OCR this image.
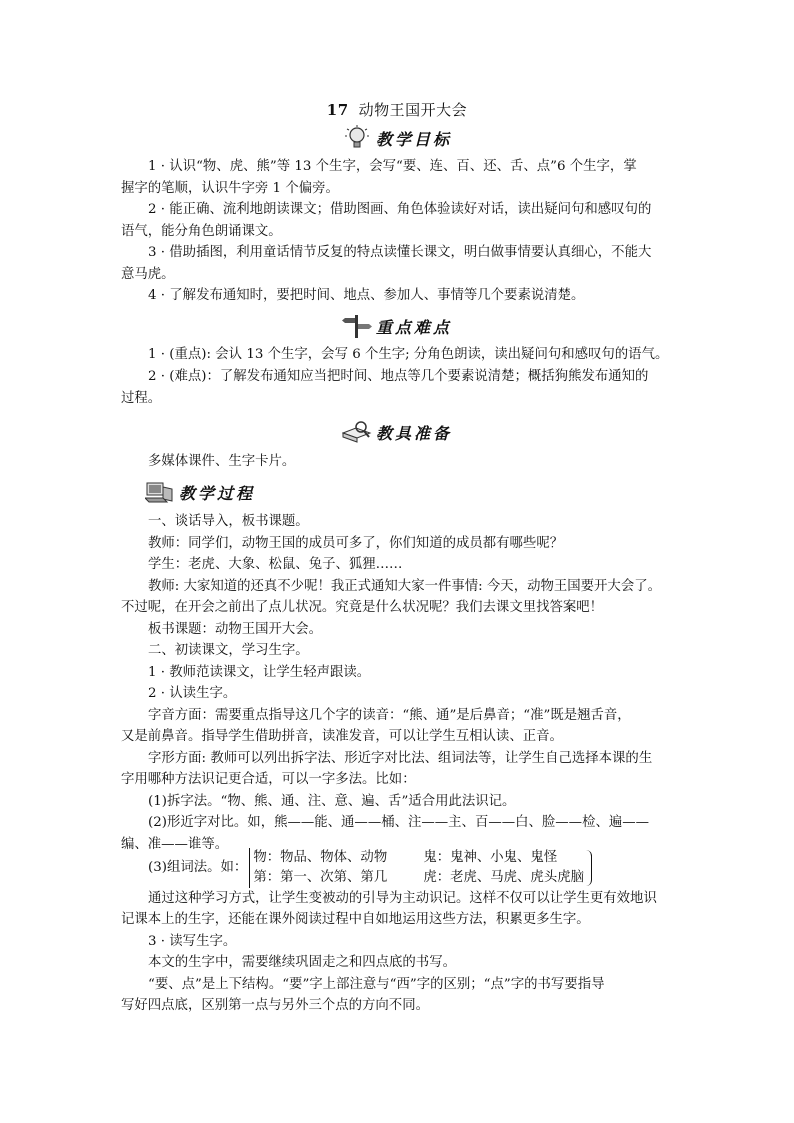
17 动物王国开大会
教学目标
1 · 认识“物、虎、熊”等 13 个生字，会写“要、连、百、还、舌、点”6 个生字，掌
握字的笔顺，认识牛字旁 1 个偏旁。
2 · 能正确、流利地朗读课文；借助图画、角色体验读好对话，读出疑问句和感叹句的
语气，能分角色朗诵课文。
3 · 借助插图，利用童话情节反复的特点读懂长课文，明白做事情要认真细心，不能大
意马虎。
4 · 了解发布通知时，要把时间、地点、参加人、事情等几个要素说清楚。
重点难点
1 · (重点): 会认 13 个生字，会写 6 个生字; 分角色朗读，读出疑问句和感叹句的语气。
2 · (难点)：了解发布通知应当把时间、地点等几个要素说清楚；概括狗熊发布通知的
过程。
教具准备
多媒体课件、生字卡片。
教学过程
一、谈话导入，板书课题。
教师：同学们，动物王国的成员可多了，你们知道的成员都有哪些呢？
学生：老虎、大象、松鼠、兔子、狐狸……
教师: 大家知道的还真不少呢！我正式通知大家一件事情: 今天，动物王国要开大会了。
不过呢，在开会之前出了点儿状况。究竟是什么状况呢？我们去课文里找答案吧！
板书课题：动物王国开大会。
二、初读课文，学习生字。
1 · 教师范读课文，让学生轻声跟读。
2 · 认读生字。
字音方面：需要重点指导这几个字的读音：“熊、通”是后鼻音；“准”既是翘舌音，
又是前鼻音。指导学生借助拼音，读准发音，可以让学生互相认读、正音。
字形方面: 教师可以列出拆字法、形近字对比法、组词法等，让学生自己选择本课的生
字用哪种方法识记更合适，可以一字多法。比如：
(1)拆字法。“物、熊、通、注、意、遍、舌”适合用此法识记。
(2)形近字对比。如，熊——能、通——桶、注——主、百——白、脸——检、遍——
编、准——谁等。
(3)组词法。如：
物：物品、物体、动物	鬼：鬼神、小鬼、鬼怪
第：第一、次第、第几	虎：老虎、马虎、虎头虎脑
通过这种学习方式，让学生变被动的引导为主动识记。这样不仅可以让学生更有效地识
记课本上的生字，还能在课外阅读过程中自如地运用这些方法，积累更多生字。
3 · 读写生字。
本文的生字中，需要继续巩固走之和四点底的书写。
“要、点”是上下结构。“要”字上部注意与“西”字的区别；“点”字的书写要指导
写好四点底，区别第一点与另外三个点的方向不同。
